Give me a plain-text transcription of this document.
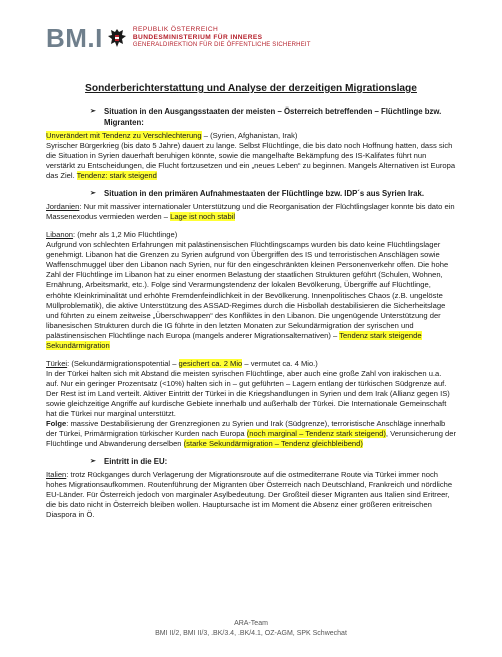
BM.I	REPUBLIK ÖSTERREICH
BUNDESMINISTERIUM FÜR INNERES
GENERALDIREKTION FÜR DIE ÖFFENTLICHE SICHERHEIT
Sonderberichterstattung und Analyse der derzeitigen Migrationslage
➢	Situation in den Ausgangsstaaten der meisten – Österreich betreffenden – Flüchtlinge bzw. Migranten:

Unverändert mit Tendenz zu Verschlechterung – (Syrien, Afghanistan, Irak)
Syrischer Bürgerkrieg (bis dato 5 Jahre) dauert zu lange. Selbst Flüchtlinge, die bis dato noch Hoffnung hatten, dass sich die Situation in Syrien dauerhaft beruhigen könnte, sowie die mangelhafte Bekämpfung des IS-Kalifates führt nun verstärkt zu Entscheidungen, die Flucht fortzusetzen und ein „neues Leben“ zu beginnen. Mangels Alternativen ist Europa das Ziel. Tendenz: stark steigend

➢	Situation in den primären Aufnahmestaaten der Flüchtlinge bzw. IDP´s aus Syrien Irak.

Jordanien: Nur mit massiver internationaler Unterstützung und die Reorganisation der Flüchtlingslager konnte bis dato ein Massenexodus vermieden werden – Lage ist noch stabil

Libanon: (mehr als 1,2 Mio Flüchtlinge)
Aufgrund von schlechten Erfahrungen mit palästinensischen Flüchtlingscamps wurden bis dato keine Flüchtlingslager genehmigt. Libanon hat die Grenzen zu Syrien aufgrund von Übergriffen des IS und terroristischen Anschlägen sowie Waffenschmuggel über den Libanon nach Syrien, nur für den eingeschränkten kleinen Personenverkehr offen. Die hohe Zahl der Flüchtlinge im Libanon hat zu einer enormen Belastung der staatlichen Strukturen geführt (Schulen, Wohnen, Ernährung, Arbeitsmarkt, etc.). Folge sind Verarmungstendenz der lokalen Bevölkerung, Übergriffe auf Flüchtlinge, erhöhte Kleinkriminalität und erhöhte Fremdenfeindlichkeit in der Bevölkerung. Innenpolitisches Chaos (z.B. ungelöste Müllproblematik), die aktive Unterstützung des ASSAD-Regimes durch die Hisbollah destabilisieren die Sicherheitslage und führten zu einem zeitweise „Überschwappen“ des Konfliktes in den Libanon. Die ungenügende Unterstützung der libanesischen Strukturen durch die IG führte in den letzten Monaten zur Sekundärmigration der syrischen und palästinensischen Flüchtlinge nach Europa (mangels anderer Migrationsalternativen) – Tendenz stark steigende Sekundärmigration

Türkei: (Sekundärmigrationspotential – gesichert ca. 2 Mio – vermutet ca. 4 Mio.)
In der Türkei halten sich mit Abstand die meisten syrischen Flüchtlinge, aber auch eine große Zahl von irakischen u.a. auf. Nur ein geringer Prozentsatz (<10%) halten sich in – gut geführten – Lagern entlang der türkischen Südgrenze auf. Der Rest ist im Land verteilt. Aktiver Eintritt der Türkei in die Kriegshandlungen in Syrien und dem Irak (Allianz gegen IS) sowie gleichzeitige Angriffe auf kurdische Gebiete innerhalb und außerhalb der Türkei. Die Internationale Gemeinschaft hat die Türkei nur marginal unterstützt.
Folge: massive Destabilisierung der Grenzregionen zu Syrien und Irak (Südgrenze), terroristische Anschläge innerhalb der Türkei, Primärmigration türkischer Kurden nach Europa (noch marginal – Tendenz stark steigend), Verunsicherung der Flüchtlinge und Abwanderung derselben (starke Sekundärmigration – Tendenz gleichbleibend)

➢	Eintritt in die EU:

Italien: trotz Rückganges durch Verlagerung der Migrationsroute auf die ostmediterrane Route via Türkei immer noch hohes Migrationsaufkommen. Routenführung der Migranten über Österreich nach Deutschland, Frankreich und nördliche EU-Länder. Für Österreich jedoch von marginaler Asylbedeutung. Der Großteil dieser Migranten aus Italien sind Eritreer, die bis dato nicht in Österreich bleiben wollen. Hauptursache ist im Moment die Absenz einer größeren eritreischen Diaspora in Ö.

ARA-Team
BMI II/2, BMI II/3, .BK/3.4, .BK/4.1, OZ-AGM, SPK Schwechat
